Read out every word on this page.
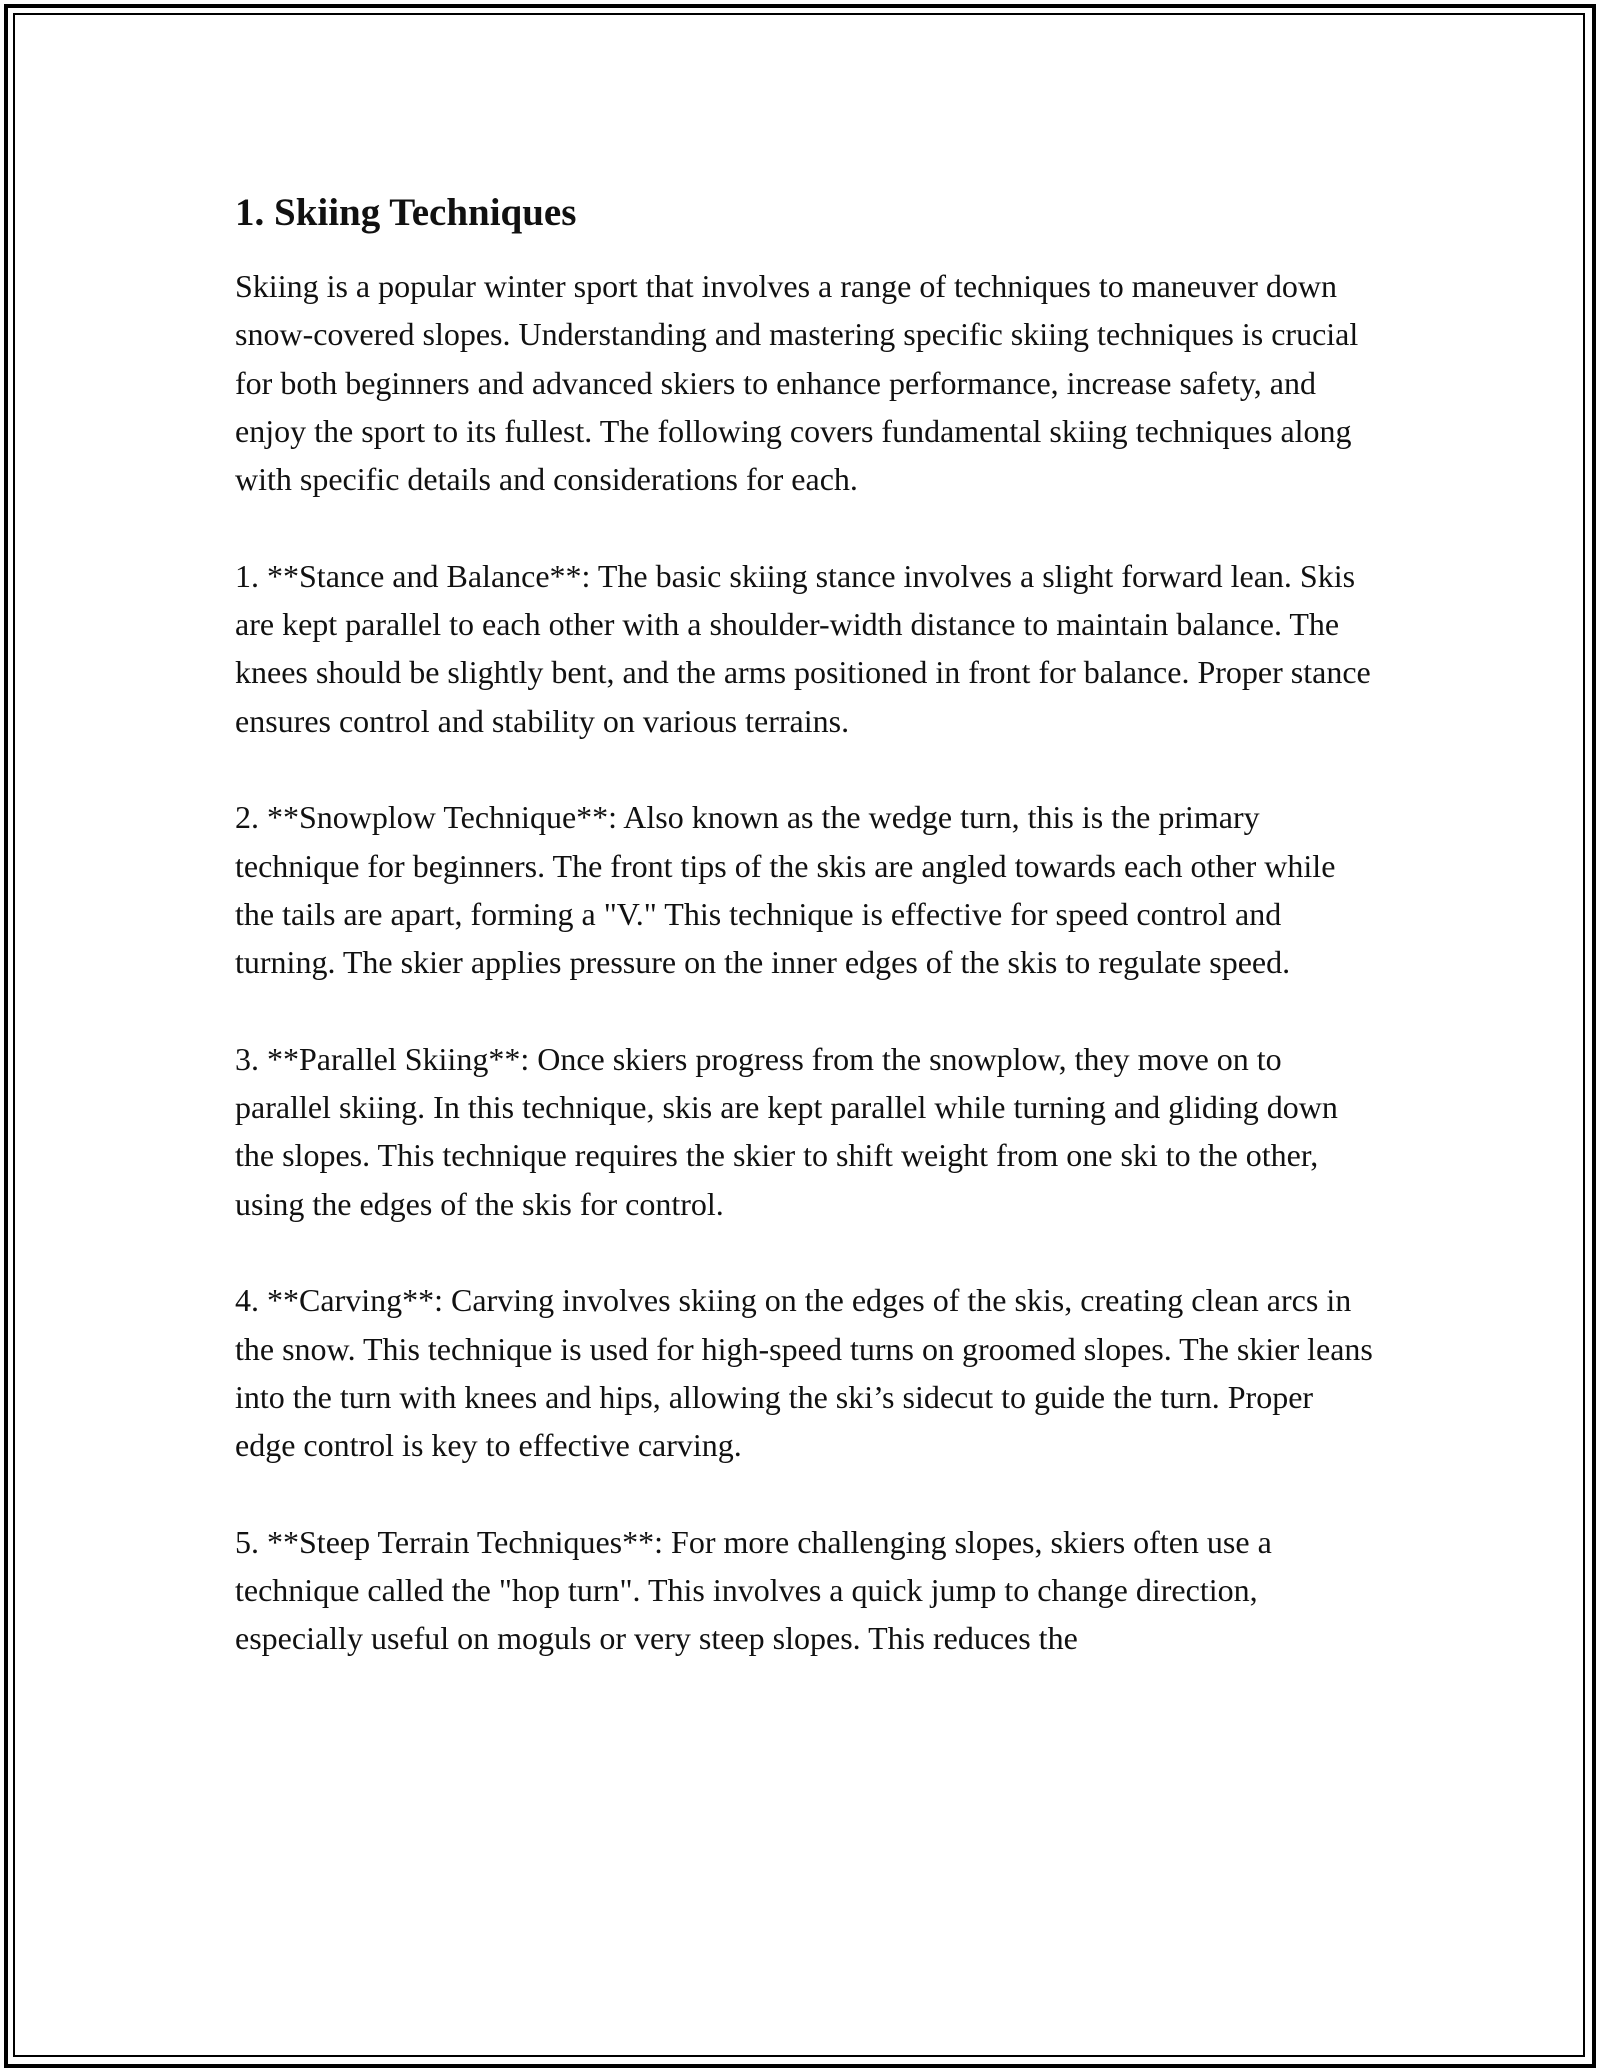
1. Skiing Techniques

Skiing is a popular winter sport that involves a range of techniques to maneuver down snow-covered slopes. Understanding and mastering specific skiing techniques is crucial for both beginners and advanced skiers to enhance performance, increase safety, and enjoy the sport to its fullest. The following covers fundamental skiing techniques along with specific details and considerations for each.

1. **Stance and Balance**: The basic skiing stance involves a slight forward lean. Skis are kept parallel to each other with a shoulder-width distance to maintain balance. The knees should be slightly bent, and the arms positioned in front for balance. Proper stance ensures control and stability on various terrains.

2. **Snowplow Technique**: Also known as the wedge turn, this is the primary technique for beginners. The front tips of the skis are angled towards each other while the tails are apart, forming a "V." This technique is effective for speed control and turning. The skier applies pressure on the inner edges of the skis to regulate speed.

3. **Parallel Skiing**: Once skiers progress from the snowplow, they move on to parallel skiing. In this technique, skis are kept parallel while turning and gliding down the slopes. This technique requires the skier to shift weight from one ski to the other, using the edges of the skis for control.

4. **Carving**: Carving involves skiing on the edges of the skis, creating clean arcs in the snow. This technique is used for high-speed turns on groomed slopes. The skier leans into the turn with knees and hips, allowing the ski’s sidecut to guide the turn. Proper edge control is key to effective carving.

5. **Steep Terrain Techniques**: For more challenging slopes, skiers often use a technique called the "hop turn". This involves a quick jump to change direction, especially useful on moguls or very steep slopes. This reduces the
